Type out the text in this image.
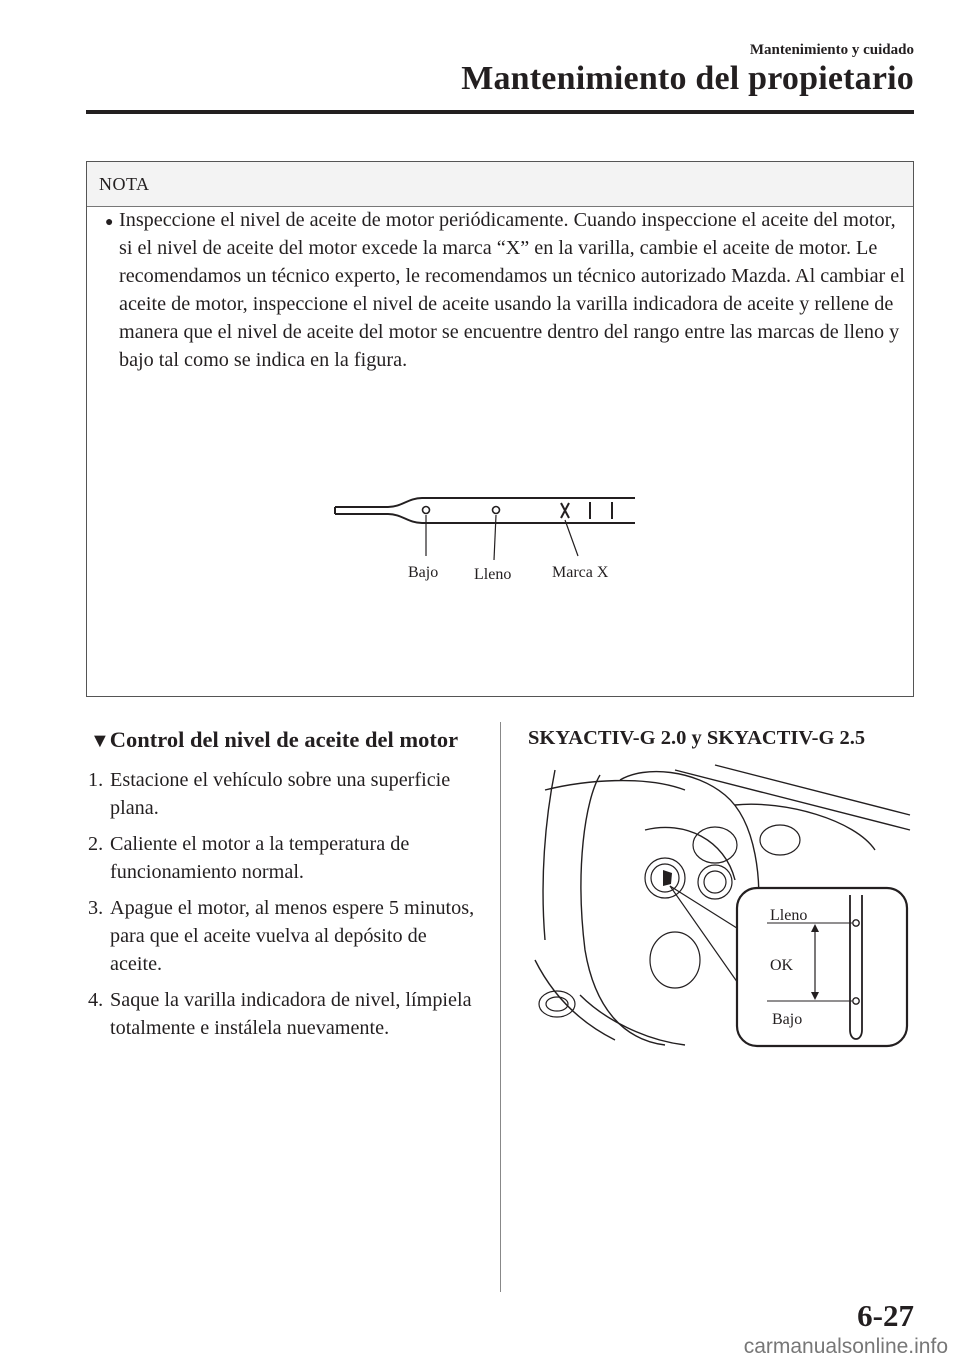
Mantenimiento y cuidado
Mantenimiento del propietario
NOTA
● Inspeccione el nivel de aceite de motor periódicamente. Cuando inspeccione el aceite del motor, si el nivel de aceite del motor excede la marca “X” en la varilla, cambie el aceite de motor. Le recomendamos un técnico experto, le recomendamos un técnico autorizado Mazda. Al cambiar el aceite de motor, inspeccione el nivel de aceite usando la varilla indicadora de aceite y rellene de manera que el nivel de aceite del motor se encuentre dentro del rango entre las marcas de lleno y bajo tal como se indica en la figura.
Bajo Lleno	Marca X
▼Control del nivel de aceite del motor
1. Estacione el vehículo sobre una superficie plana.
2. Caliente el motor a la temperatura de funcionamiento normal.
3. Apague el motor, al menos espere 5 minutos, para que el aceite vuelva al depósito de aceite.
4. Saque la varilla indicadora de nivel, límpiela totalmente e instálela nuevamente.
SKYACTIV-G 2.0 y SKYACTIV-G 2.5
Lleno
OK
Bajo
6-27
carmanualsonline.info
